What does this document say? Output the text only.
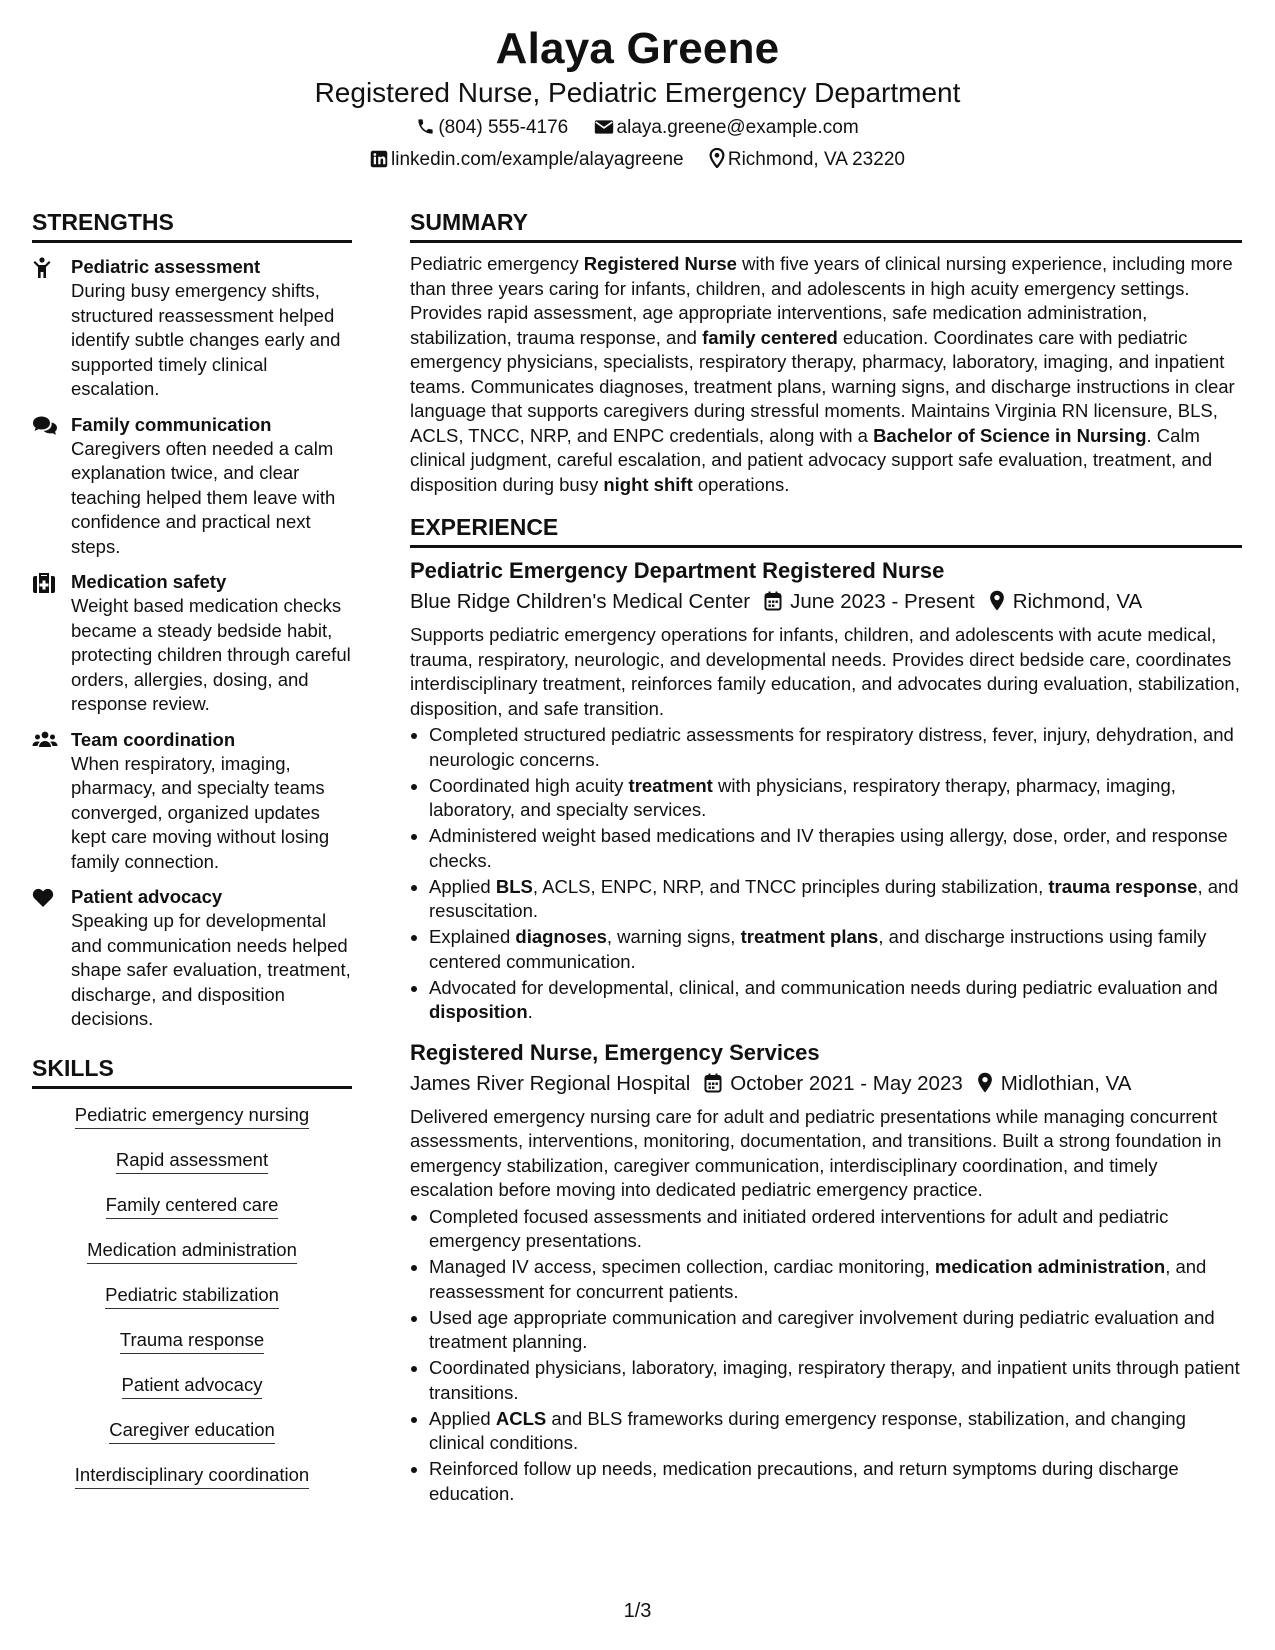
Alaya Greene
Registered Nurse, Pediatric Emergency Department
(804) 555-4176	alaya.greene@example.com
linkedin.com/example/alayagreene Richmond, VA 23220
STRENGTHS
Pediatric assessment
During busy emergency shifts, structured reassessment helped identify subtle changes early and supported timely clinical escalation.
Family communication
Caregivers often needed a calm explanation twice, and clear teaching helped them leave with confidence and practical next steps.
Medication safety
Weight based medication checks became a steady bedside habit, protecting children through careful orders, allergies, dosing, and response review.
Team coordination
When respiratory, imaging, pharmacy, and specialty teams converged, organized updates kept care moving without losing family connection.
Patient advocacy
Speaking up for developmental and communication needs helped shape safer evaluation, treatment, discharge, and disposition decisions.
SKILLS
Pediatric emergency nursing
Rapid assessment
Family centered care
Medication administration
Pediatric stabilization
Trauma response
Patient advocacy
Caregiver education
Interdisciplinary coordination
SUMMARY
Pediatric emergency Registered Nurse with five years of clinical nursing experience, including more than three years caring for infants, children, and adolescents in high acuity emergency settings. Provides rapid assessment, age appropriate interventions, safe medication administration, stabilization, trauma response, and family centered education. Coordinates care with pediatric emergency physicians, specialists, respiratory therapy, pharmacy, laboratory, imaging, and inpatient teams. Communicates diagnoses, treatment plans, warning signs, and discharge instructions in clear language that supports caregivers during stressful moments. Maintains Virginia RN licensure, BLS, ACLS, TNCC, NRP, and ENPC credentials, along with a Bachelor of Science in Nursing. Calm clinical judgment, careful escalation, and patient advocacy support safe evaluation, treatment, and disposition during busy night shift operations.
EXPERIENCE
Pediatric Emergency Department Registered Nurse
Blue Ridge Children's Medical Center June 2023 - Present Richmond, VA
Supports pediatric emergency operations for infants, children, and adolescents with acute medical, trauma, respiratory, neurologic, and developmental needs. Provides direct bedside care, coordinates interdisciplinary treatment, reinforces family education, and advocates during evaluation, stabilization, disposition, and safe transition.
• Completed structured pediatric assessments for respiratory distress, fever, injury, dehydration, and neurologic concerns.
• Coordinated high acuity treatment with physicians, respiratory therapy, pharmacy, imaging, laboratory, and specialty services.
• Administered weight based medications and IV therapies using allergy, dose, order, and response checks.
• Applied BLS, ACLS, ENPC, NRP, and TNCC principles during stabilization, trauma response, and resuscitation.
• Explained diagnoses, warning signs, treatment plans, and discharge instructions using family centered communication.
• Advocated for developmental, clinical, and communication needs during pediatric evaluation and disposition.
Registered Nurse, Emergency Services
James River Regional Hospital October 2021 - May 2023 Midlothian, VA
Delivered emergency nursing care for adult and pediatric presentations while managing concurrent assessments, interventions, monitoring, documentation, and transitions. Built a strong foundation in emergency stabilization, caregiver communication, interdisciplinary coordination, and timely escalation before moving into dedicated pediatric emergency practice.
• Completed focused assessments and initiated ordered interventions for adult and pediatric emergency presentations.
• Managed IV access, specimen collection, cardiac monitoring, medication administration, and reassessment for concurrent patients.
• Used age appropriate communication and caregiver involvement during pediatric evaluation and treatment planning.
• Coordinated physicians, laboratory, imaging, respiratory therapy, and inpatient units through patient transitions.
• Applied ACLS and BLS frameworks during emergency response, stabilization, and changing clinical conditions.
• Reinforced follow up needs, medication precautions, and return symptoms during discharge education.
1/3
